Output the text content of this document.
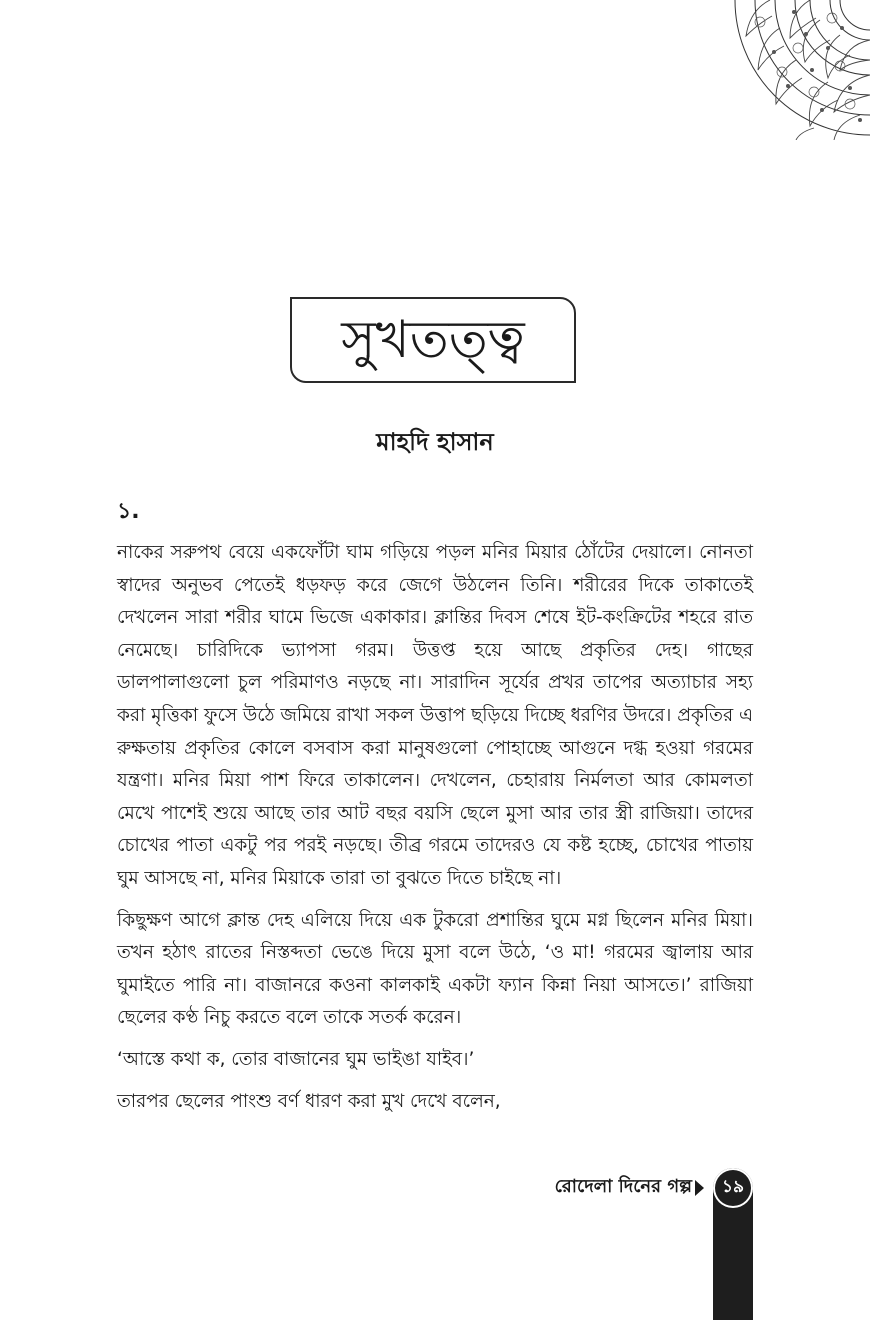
সুখতত্ত্ব
মাহদি হাসান
১.

নাকের সরুপথ বেয়ে একফোঁটা ঘাম গড়িয়ে পড়ল মনির মিয়ার ঠোঁটের দেয়ালে। নোনতা স্বাদের অনুভব পেতেই ধড়ফড় করে জেগে উঠলেন তিনি। শরীরের দিকে তাকাতেই দেখলেন সারা শরীর ঘামে ভিজে একাকার। ক্লান্তির দিবস শেষে ইট-কংক্রিটের শহরে রাত নেমেছে। চারিদিকে ভ্যাপসা গরম। উত্তপ্ত হয়ে আছে প্রকৃতির দেহ। গাছের ডালপালাগুলো চুল পরিমাণও নড়ছে না। সারাদিন সূর্যের প্রখর তাপের অত্যাচার সহ্য করা মৃত্তিকা ফুসে উঠে জমিয়ে রাখা সকল উত্তাপ ছড়িয়ে দিচ্ছে ধরণির উদরে। প্রকৃতির এ রুক্ষতায় প্রকৃতির কোলে বসবাস করা মানুষগুলো পোহাচ্ছে আগুনে দগ্ধ হওয়া গরমের যন্ত্রণা। মনির মিয়া পাশ ফিরে তাকালেন। দেখলেন, চেহারায় নির্মলতা আর কোমলতা মেখে পাশেই শুয়ে আছে তার আট বছর বয়সি ছেলে মুসা আর তার স্ত্রী রাজিয়া। তাদের চোখের পাতা একটু পর পরই নড়ছে। তীব্র গরমে তাদেরও যে কষ্ট হচ্ছে, চোখের পাতায় ঘুম আসছে না, মনির মিয়াকে তারা তা বুঝতে দিতে চাইছে না।

কিছুক্ষণ আগে ক্লান্ত দেহ এলিয়ে দিয়ে এক টুকরো প্রশান্তির ঘুমে মগ্ন ছিলেন মনির মিয়া। তখন হঠাৎ রাতের নিস্তব্দতা ভেঙে দিয়ে মুসা বলে উঠে, ‘ও মা! গরমের জ্বালায় আর ঘুমাইতে পারি না। বাজানরে কওনা কালকাই একটা ফ্যান কিন্না নিয়া আসতে।’ রাজিয়া ছেলের কণ্ঠ নিচু করতে বলে তাকে সতর্ক করেন।

‘আস্তে কথা ক, তোর বাজানের ঘুম ভাইঙা যাইব।’

তারপর ছেলের পাংশু বর্ণ ধারণ করা মুখ দেখে বলেন,

রোদেলা দিনের গল্প	১৯
